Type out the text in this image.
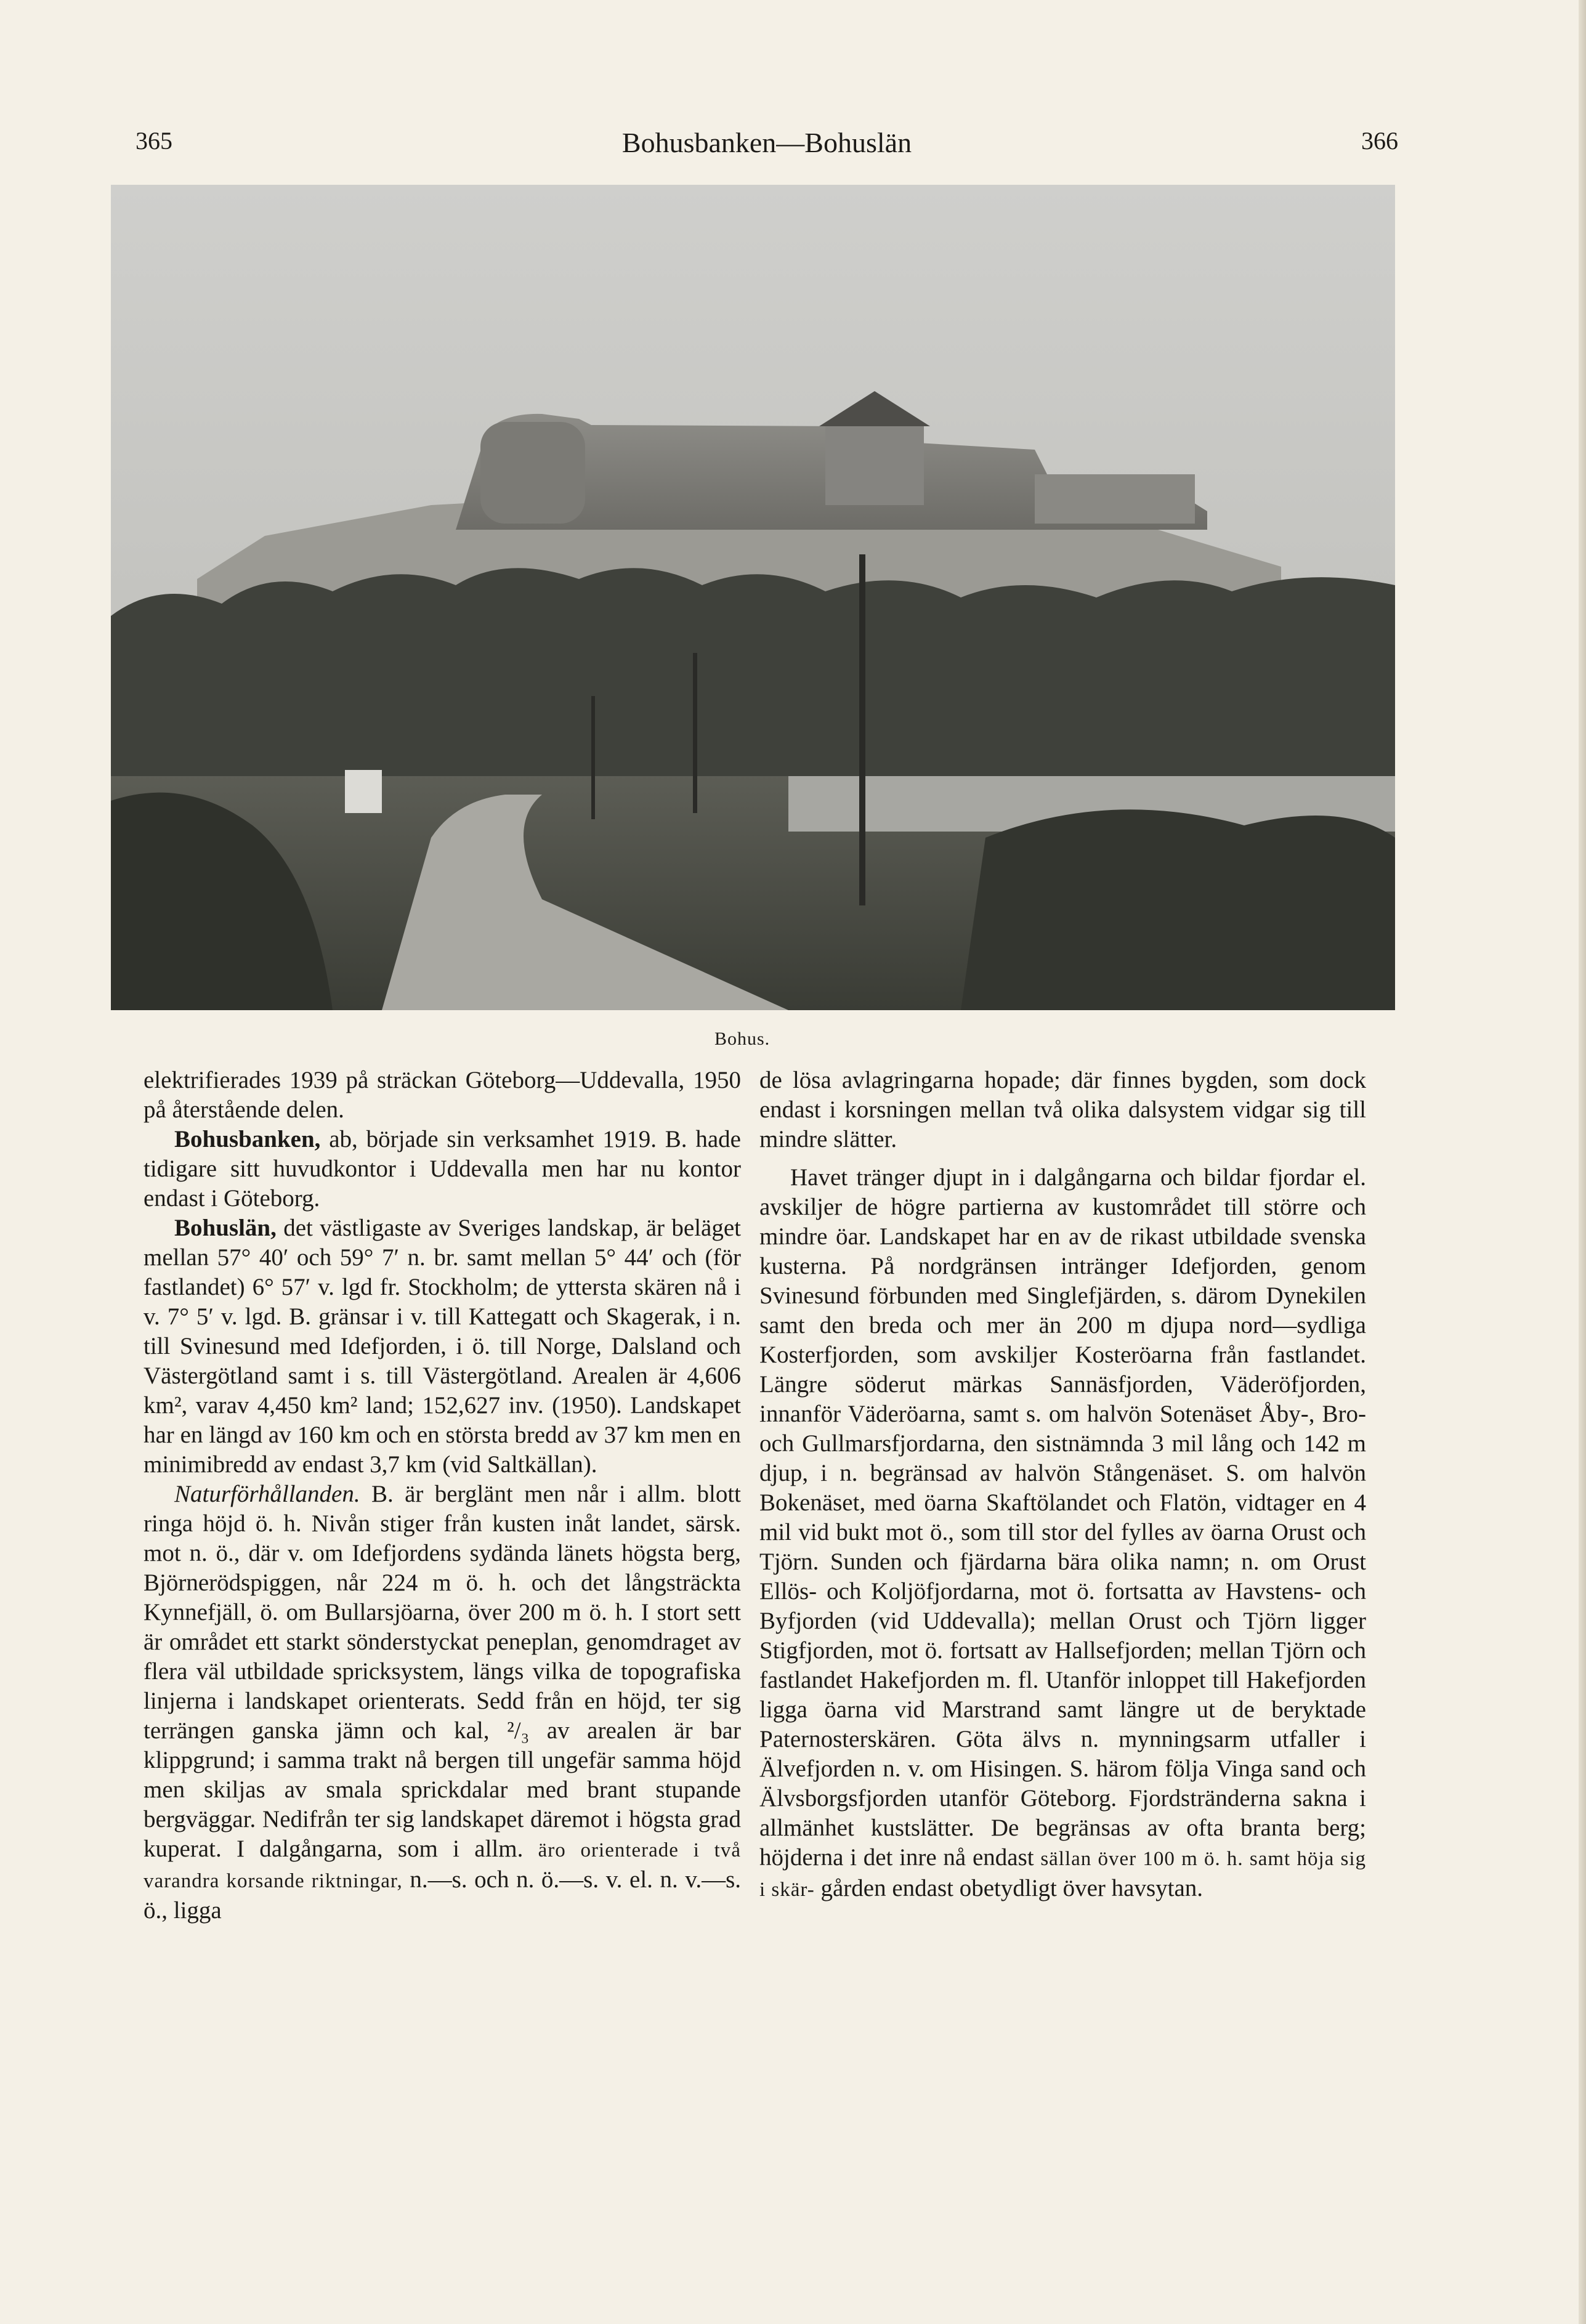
365	Bohusbanken—Bohuslän	366
Bohus.

elektrifierades 1939 på sträckan Göteborg—Uddevalla, 1950 på återstående delen.

Bohusbanken, ab, började sin verksamhet 1919. B. hade tidigare sitt huvudkontor i Uddevalla men har nu kontor endast i Göteborg.

Bohuslän, det västligaste av Sveriges landskap, är beläget mellan 57° 40′ och 59° 7′ n. br. samt mellan 5° 44′ och (för fastlandet) 6° 57′ v. lgd fr. Stockholm; de yttersta skären nå i v. 7° 5′ v. lgd. B. gränsar i v. till Kattegatt och Skagerak, i n. till Svinesund med Idefjorden, i ö. till Norge, Dalsland och Västergötland samt i s. till Västergötland. Arealen är 4,606 km², varav 4,450 km² land; 152,627 inv. (1950). Landskapet har en längd av 160 km och en största bredd av 37 km men en minimibredd av endast 3,7 km (vid Saltkällan).

Naturförhållanden. B. är berglänt men når i allm. blott ringa höjd ö. h. Nivån stiger från kusten inåt landet, särsk. mot n. ö., där v. om Idefjordens sydända länets högsta berg, Björnerödspiggen, når 224 m ö. h. och det långsträckta Kynnefjäll, ö. om Bullarsjöarna, över 200 m ö. h. I stort sett är området ett starkt sönderstyckat peneplan, genomdraget av flera väl utbildade spricksystem, längs vilka de topografiska linjerna i landskapet orienterats. Sedd från en höjd, ter sig terrängen ganska jämn och kal, ²/₃ av arealen är bar klippgrund; i samma trakt nå bergen till ungefär samma höjd men skiljas av smala sprickdalar med brant stupande bergväggar. Nedifrån ter sig landskapet däremot i högsta grad kuperat. I dalgångarna, som i allm. äro orienterade i två varandra korsande riktningar, n.—s. och n. ö.—s. v. el. n. v.—s. ö., ligga

de lösa avlagringarna hopade; där finnes bygden, som dock endast i korsningen mellan två olika dalsystem vidgar sig till mindre slätter.

Havet tränger djupt in i dalgångarna och bildar fjordar el. avskiljer de högre partierna av kustområdet till större och mindre öar. Landskapet har en av de rikast utbildade svenska kusterna. På nordgränsen intränger Idefjorden, genom Svinesund förbunden med Singlefjärden, s. därom Dynekilen samt den breda och mer än 200 m djupa nord—sydliga Kosterfjorden, som avskiljer Kosteröarna från fastlandet. Längre söderut märkas Sannäsfjorden, Väderöfjorden, innanför Väderöarna, samt s. om halvön Sotenäset Åby-, Bro- och Gullmarsfjordarna, den sistnämnda 3 mil lång och 142 m djup, i n. begränsad av halvön Stångenäset. S. om halvön Bokenäset, med öarna Skaftölandet och Flatön, vidtager en 4 mil vid bukt mot ö., som till stor del fylles av öarna Orust och Tjörn. Sunden och fjärdarna bära olika namn; n. om Orust Ellös- och Koljöfjordarna, mot ö. fortsatta av Havstens- och Byfjorden (vid Uddevalla); mellan Orust och Tjörn ligger Stigfjorden, mot ö. fortsatt av Hallsefjorden; mellan Tjörn och fastlandet Hakefjorden m. fl. Utanför inloppet till Hakefjorden ligga öarna vid Marstrand samt längre ut de beryktade Paternosterskären. Göta älvs n. mynningsarm utfaller i Älvefjorden n. v. om Hisingen. S. härom följa Vinga sand och Älvsborgsfjorden utanför Göteborg. Fjordstränderna sakna i allmänhet kustslätter. De begränsas av ofta branta berg; höjderna i det inre nå endast sällan över 100 m ö. h. samt höja sig i skär- gården endast obetydligt över havsytan.
